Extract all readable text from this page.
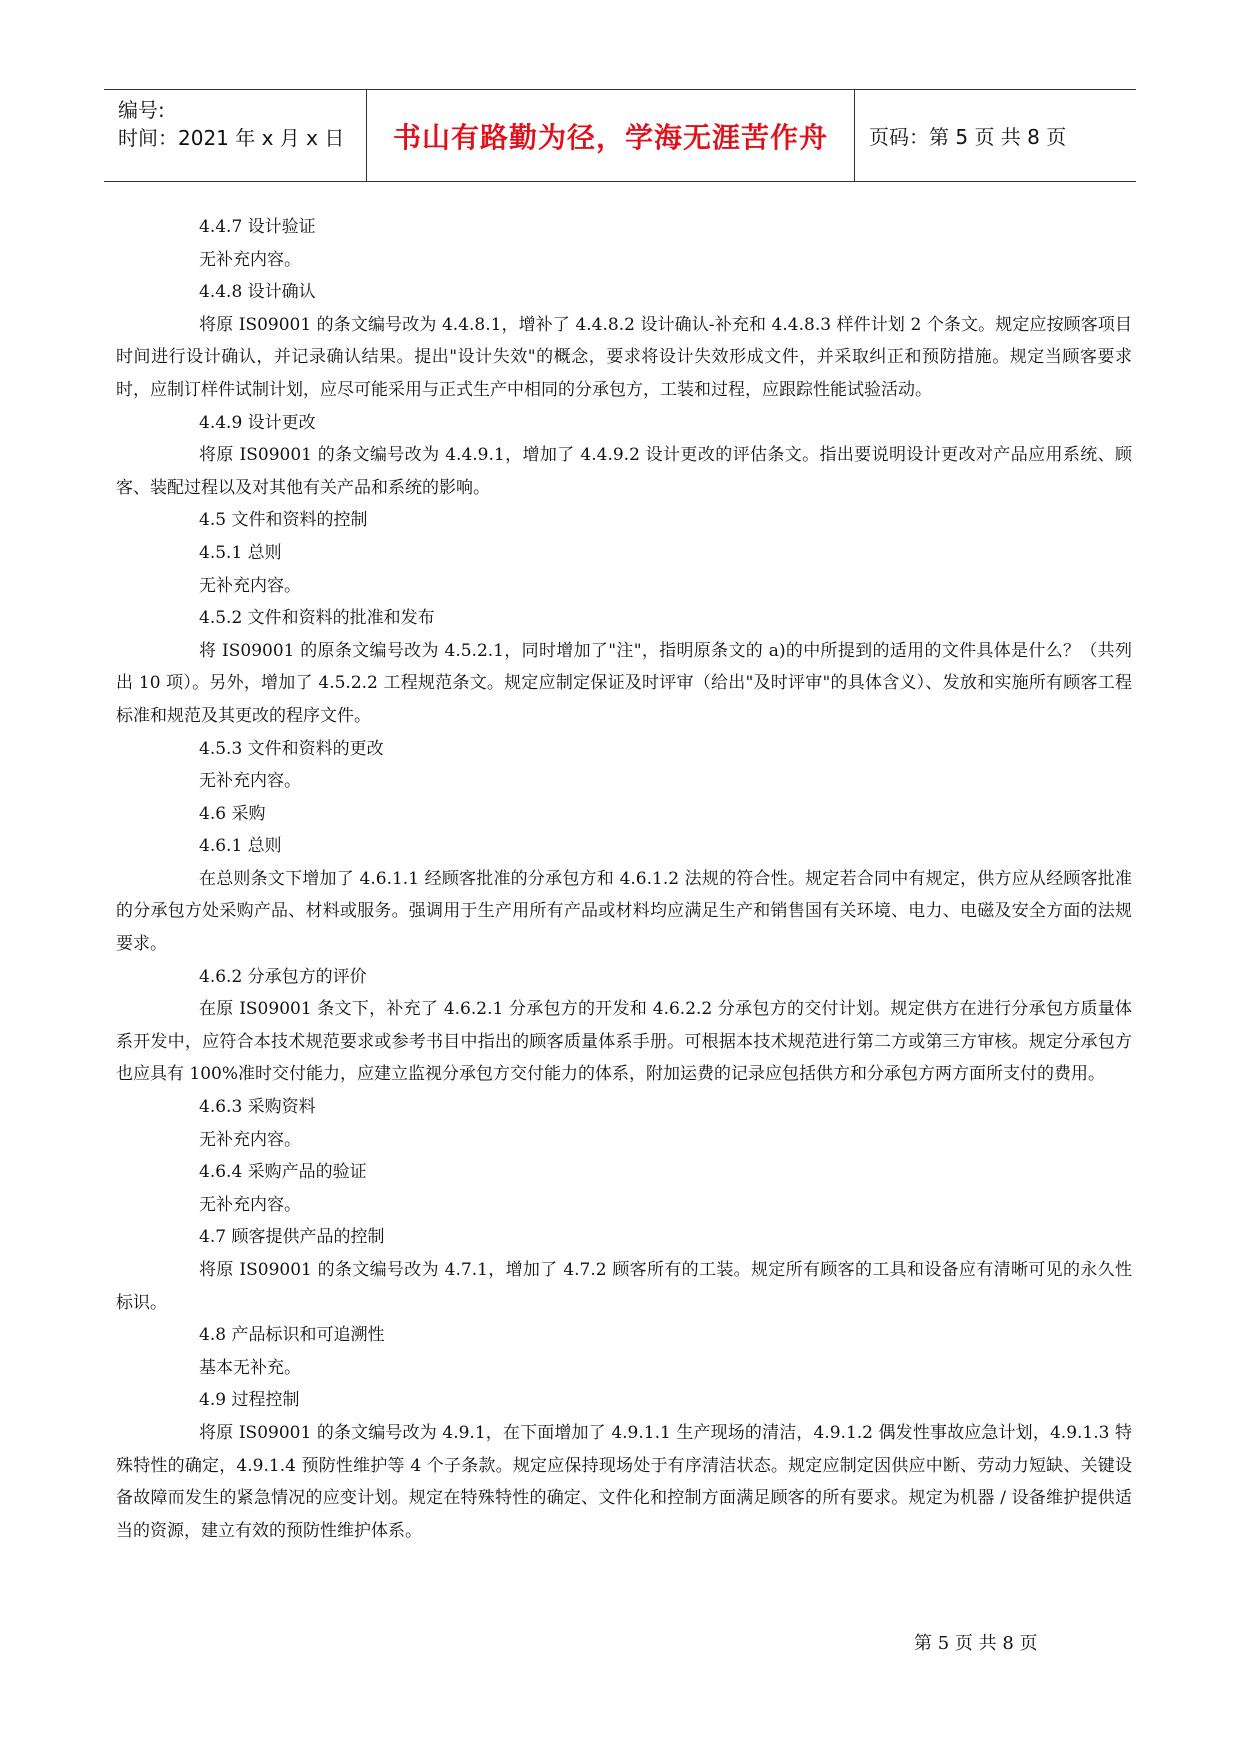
编号:
时间：2021 年 x 月 x 日	书山有路勤为径，学海无涯苦作舟	页码：第 5 页 共 8 页
4.4.7 设计验证
无补充内容。
4.4.8 设计确认
将原 IS09001 的条文编号改为 4.4.8.1，增补了 4.4.8.2 设计确认-补充和 4.4.8.3 样件计划 2 个条文。规定应按顾客项目时间进行设计确认，并记录确认结果。提出"设计失效"的概念，要求将设计失效形成文件，并采取纠正和预防措施。规定当顾客要求时，应制订样件试制计划，应尽可能采用与正式生产中相同的分承包方，工装和过程，应跟踪性能试验活动。
4.4.9 设计更改
将原 IS09001 的条文编号改为 4.4.9.1，增加了 4.4.9.2 设计更改的评估条文。指出要说明设计更改对产品应用系统、顾客、装配过程以及对其他有关产品和系统的影响。
4.5 文件和资料的控制
4.5.1 总则
无补充内容。
4.5.2 文件和资料的批准和发布
将 IS09001 的原条文编号改为 4.5.2.1，同时增加了"注"，指明原条文的 a)的中所提到的适用的文件具体是什么？（共列出 10 项）。另外，增加了 4.5.2.2 工程规范条文。规定应制定保证及时评审（给出"及时评审"的具体含义）、发放和实施所有顾客工程标准和规范及其更改的程序文件。
4.5.3 文件和资料的更改
无补充内容。
4.6 采购
4.6.1 总则
在总则条文下增加了 4.6.1.1 经顾客批准的分承包方和 4.6.1.2 法规的符合性。规定若合同中有规定，供方应从经顾客批准的分承包方处采购产品、材料或服务。强调用于生产用所有产品或材料均应满足生产和销售国有关环境、电力、电磁及安全方面的法规要求。
4.6.2 分承包方的评价
在原 IS09001 条文下，补充了 4.6.2.1 分承包方的开发和 4.6.2.2 分承包方的交付计划。规定供方在进行分承包方质量体系开发中，应符合本技术规范要求或参考书目中指出的顾客质量体系手册。可根据本技术规范进行第二方或第三方审核。规定分承包方也应具有 100%准时交付能力，应建立监视分承包方交付能力的体系，附加运费的记录应包括供方和分承包方两方面所支付的费用。
4.6.3 采购资料
无补充内容。
4.6.4 采购产品的验证
无补充内容。
4.7 顾客提供产品的控制
将原 IS09001 的条文编号改为 4.7.1，增加了 4.7.2 顾客所有的工装。规定所有顾客的工具和设备应有清晰可见的永久性标识。
4.8 产品标识和可追溯性
基本无补充。
4.9 过程控制
将原 IS09001 的条文编号改为 4.9.1，在下面增加了 4.9.1.1 生产现场的清洁，4.9.1.2 偶发性事故应急计划，4.9.1.3 特殊特性的确定，4.9.1.4 预防性维护等 4 个子条款。规定应保持现场处于有序清洁状态。规定应制定因供应中断、劳动力短缺、关键设备故障而发生的紧急情况的应变计划。规定在特殊特性的确定、文件化和控制方面满足顾客的所有要求。规定为机器 / 设备维护提供适当的资源，建立有效的预防性维护体系。
第 5 页 共 8 页
